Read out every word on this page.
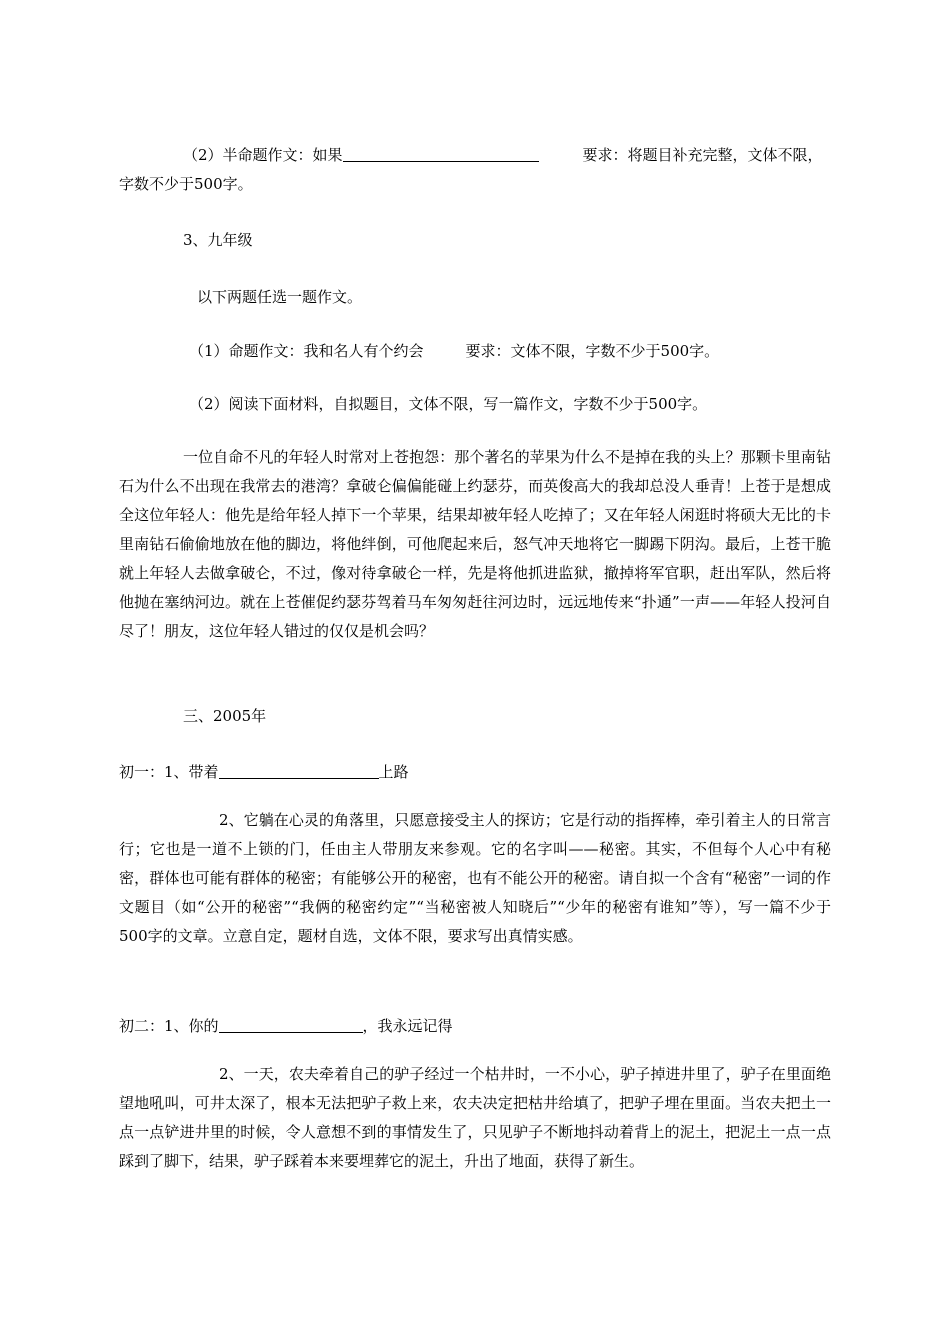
（2）半命题作文：如果	要求：将题目补充完整，文体不限，
字数不少于500字。
3、九年级
以下两题任选一题作文。
（1）命题作文：我和名人有个约会	要求：文体不限，字数不少于500字。
（2）阅读下面材料，自拟题目，文体不限，写一篇作文，字数不少于500字。
一位自命不凡的年轻人时常对上苍抱怨：那个著名的苹果为什么不是掉在我的头上？那颗卡里南钻石为什么不出现在我常去的港湾？拿破仑偏偏能碰上约瑟芬，而英俊高大的我却总没人垂青！上苍于是想成全这位年轻人：他先是给年轻人掉下一个苹果，结果却被年轻人吃掉了；又在年轻人闲逛时将硕大无比的卡里南钻石偷偷地放在他的脚边，将他绊倒，可他爬起来后，怒气冲天地将它一脚踢下阴沟。最后，上苍干脆就上年轻人去做拿破仑，不过，像对待拿破仑一样，先是将他抓进监狱，撤掉将军官职，赶出军队，然后将他抛在塞纳河边。就在上苍催促约瑟芬驾着马车匆匆赶往河边时，远远地传来“扑通”一声——年轻人投河自尽了！朋友，这位年轻人错过的仅仅是机会吗？
三、2005年
初一：1、带着	上路
2、它躺在心灵的角落里，只愿意接受主人的探访；它是行动的指挥棒，牵引着主人的日常言行；它也是一道不上锁的门，任由主人带朋友来参观。它的名字叫——秘密。其实，不但每个人心中有秘密，群体也可能有群体的秘密；有能够公开的秘密，也有不能公开的秘密。请自拟一个含有“秘密”一词的作文题目（如“公开的秘密”“我俩的秘密约定”“当秘密被人知晓后”“少年的秘密有谁知”等），写一篇不少于500字的文章。立意自定，题材自选，文体不限，要求写出真情实感。
初二：1、你的	，我永远记得
2、一天，农夫牵着自己的驴子经过一个枯井时，一不小心，驴子掉进井里了，驴子在里面绝望地吼叫，可井太深了，根本无法把驴子救上来，农夫决定把枯井给填了，把驴子埋在里面。当农夫把土一点一点铲进井里的时候，令人意想不到的事情发生了，只见驴子不断地抖动着背上的泥土，把泥土一点一点踩到了脚下，结果，驴子踩着本来要埋葬它的泥土，升出了地面，获得了新生。
